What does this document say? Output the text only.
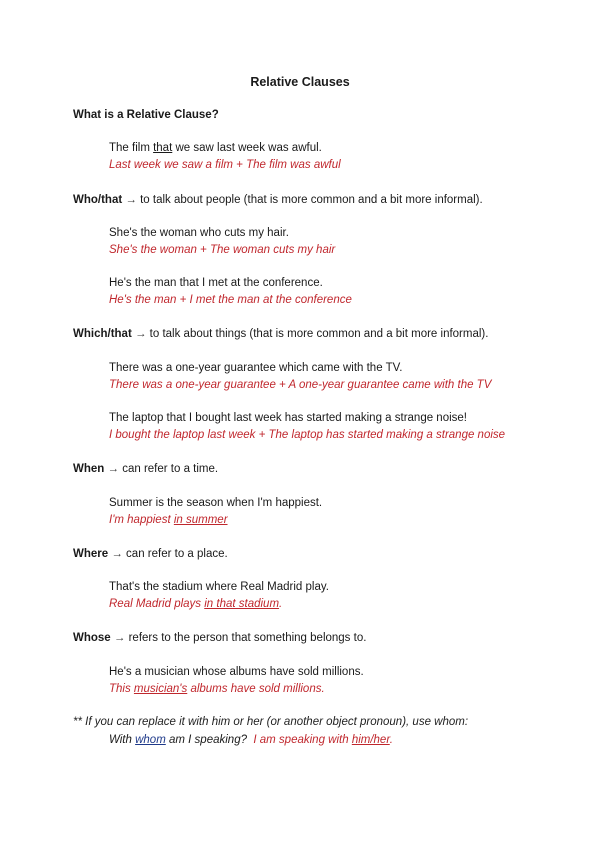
Relative Clauses
What is a Relative Clause?
The film that we saw last week was awful.
Last week we saw a film + The film was awful
Who/that → to talk about people (that is more common and a bit more informal).
She's the woman who cuts my hair.
She's the woman + The woman cuts my hair
He's the man that I met at the conference.
He's the man + I met the man at the conference
Which/that → to talk about things (that is more common and a bit more informal).
There was a one-year guarantee which came with the TV.
There was a one-year guarantee + A one-year guarantee came with the TV
The laptop that I bought last week has started making a strange noise!
I bought the laptop last week + The laptop has started making a strange noise
When → can refer to a time.
Summer is the season when I'm happiest.
I'm happiest in summer
Where → can refer to a place.
That's the stadium where Real Madrid play.
Real Madrid plays in that stadium.
Whose → refers to the person that something belongs to.
He's a musician whose albums have sold millions.
This musician's albums have sold millions.
** If you can replace it with him or her (or another object pronoun), use whom:
With whom am I speaking? I am speaking with him/her.
